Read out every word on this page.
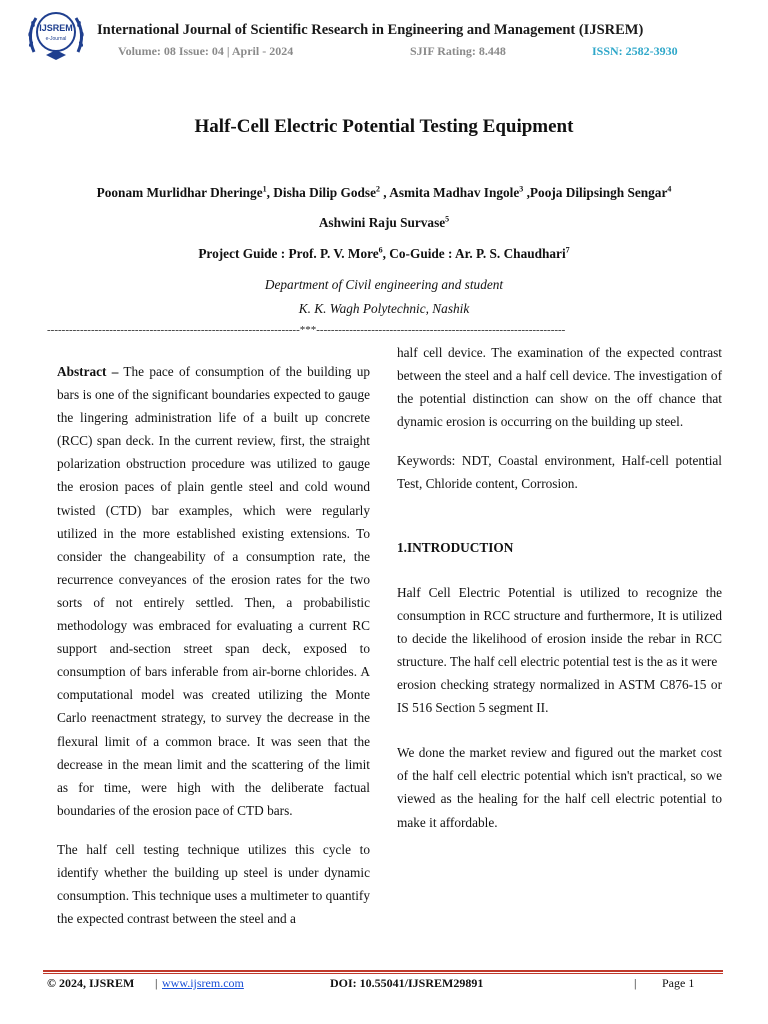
IJSREM
e-Journal
International Journal of Scientific Research in Engineering and Management (IJSREM)
Volume: 08 Issue: 04 | April - 2024	SJIF Rating: 8.448	ISSN: 2582-3930
Half-Cell Electric Potential Testing Equipment
Poonam Murlidhar Dheringe$^1$, Disha Dilip Godse$^2$ , Asmita Madhav Ingole$^3$ ,Pooja Dilipsingh Sengar$^4$
Ashwini Raju Survase$^5$
Project Guide : Prof. P. V. More$^6$, Co-Guide : Ar. P. S. Chaudhari$^7$
Department of Civil engineering and student
K. K. Wagh Polytechnic, Nashik
---------------------------------------------------------------------***--------------------------------------------------------------------

Abstract – The pace of consumption of the building up bars is one of the significant boundaries expected to gauge the lingering administration life of a built up concrete (RCC) span deck. In the current review, first, the straight polarization obstruction procedure was utilized to gauge the erosion paces of plain gentle steel and cold wound twisted (CTD) bar examples, which were regularly utilized in the more established existing extensions. To consider the changeability of a consumption rate, the recurrence conveyances of the erosion rates for the two sorts of not entirely settled. Then, a probabilistic methodology was embraced for evaluating a current RC support and-section street span deck, exposed to consumption of bars inferable from air-borne chlorides. A computational model was created utilizing the Monte Carlo reenactment strategy, to survey the decrease in the flexural limit of a common brace. It was seen that the decrease in the mean limit and the scattering of the limit as for time, were high with the deliberate factual boundaries of the erosion pace of CTD bars.

The half cell testing technique utilizes this cycle to identify whether the building up steel is under dynamic consumption. This technique uses a multimeter to quantify the expected contrast between the steel and a

half cell device. The examination of the expected contrast between the steel and a half cell device. The investigation of the potential distinction can show on the off chance that dynamic erosion is occurring on the building up steel.

Keywords: NDT, Coastal environment, Half-cell potential Test, Chloride content, Corrosion.

1.INTRODUCTION

Half Cell Electric Potential is utilized to recognize the consumption in RCC structure and furthermore, It is utilized to decide the likelihood of erosion inside the rebar in RCC structure. The half cell electric potential test is the as it were

erosion checking strategy normalized in ASTM C876-15 or IS 516 Section 5 segment II.

We done the market review and figured out the market cost of the half cell electric potential which isn't practical, so we viewed as the healing for the half cell electric potential to make it affordable.

© 2024, IJSREM | www.ijsrem.com	DOI: 10.55041/IJSREM29891	| Page 1
